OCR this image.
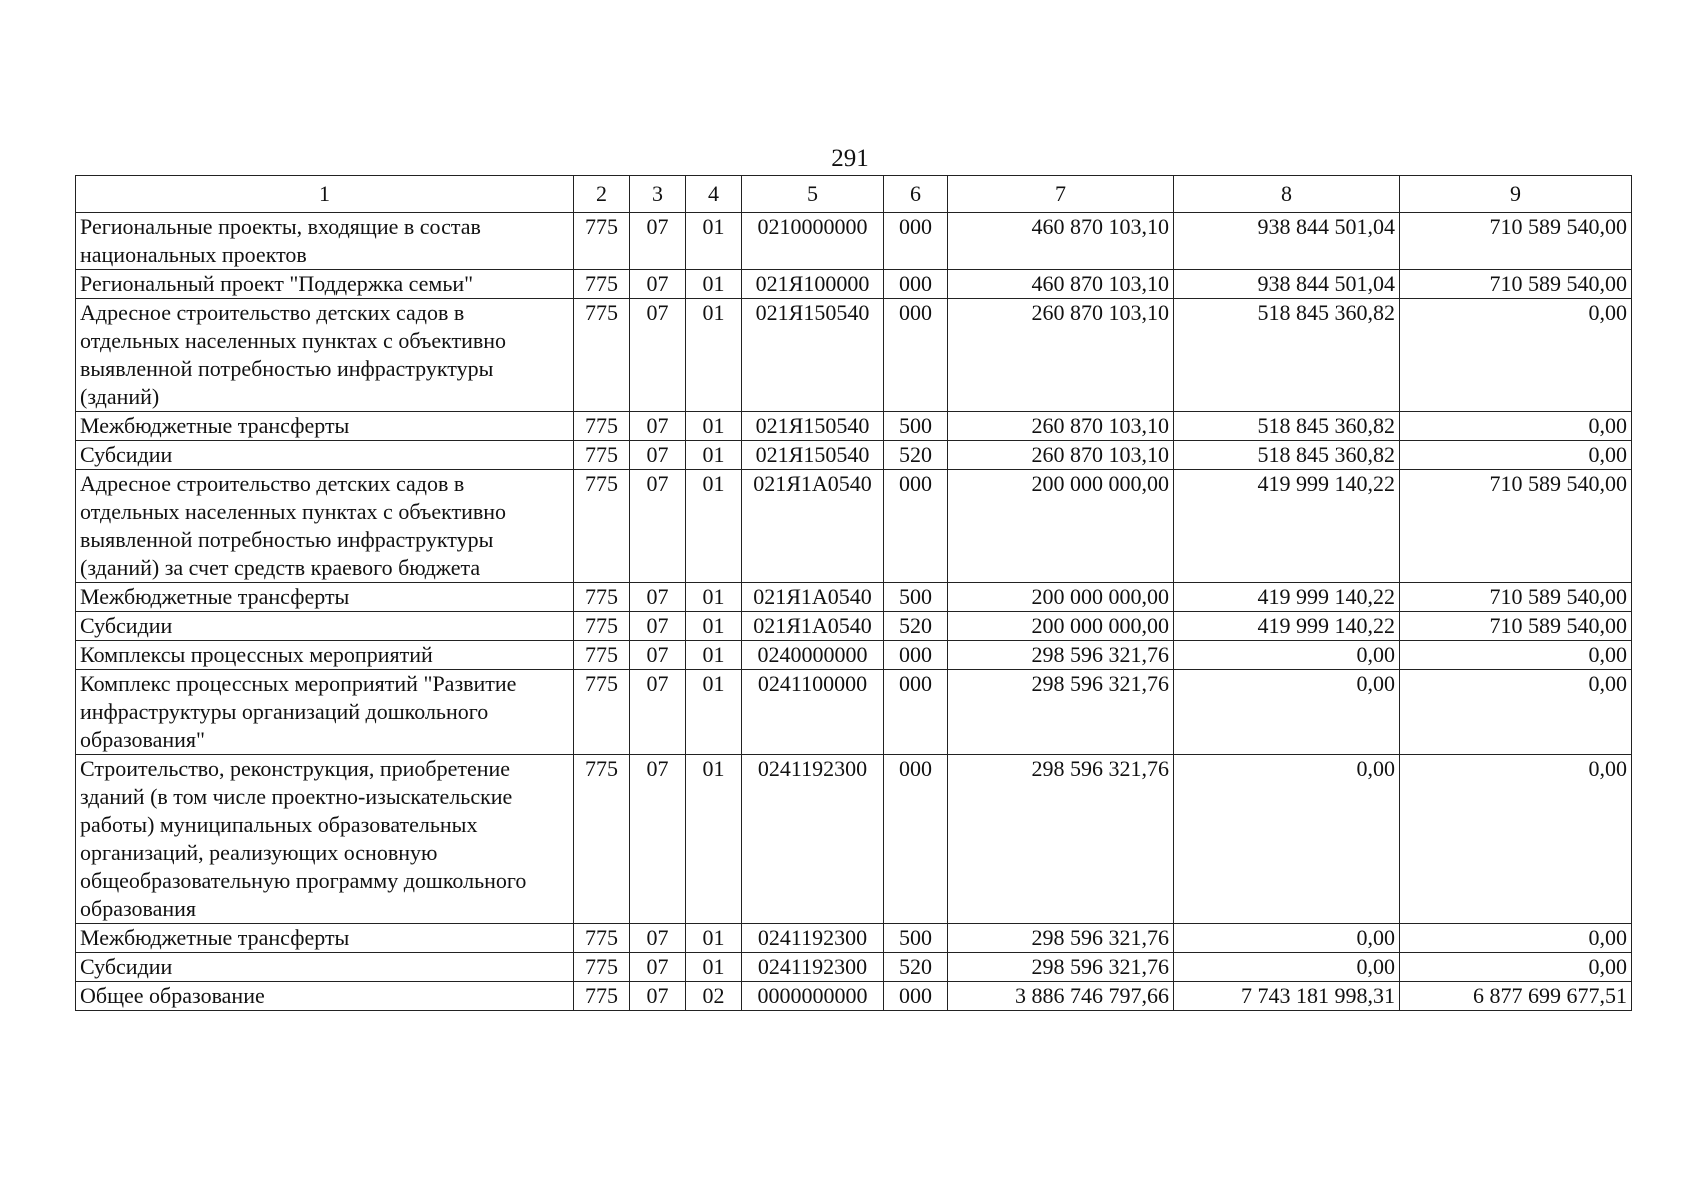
291
1	2	3	4	5	6	7	8	9
Региональные проекты, входящие в состав национальных проектов	775	07	01	0210000000	000	460 870 103,10	938 844 501,04	710 589 540,00
Региональный проект "Поддержка семьи"	775	07	01	021Я100000	000	460 870 103,10	938 844 501,04	710 589 540,00
Адресное строительство детских садов в отдельных населенных пунктах с объективно выявленной потребностью инфраструктуры (зданий)	775	07	01	021Я150540	000	260 870 103,10	518 845 360,82	0,00
Межбюджетные трансферты	775	07	01	021Я150540	500	260 870 103,10	518 845 360,82	0,00
Субсидии	775	07	01	021Я150540	520	260 870 103,10	518 845 360,82	0,00
Адресное строительство детских садов в отдельных населенных пунктах с объективно выявленной потребностью инфраструктуры (зданий) за счет средств краевого бюджета	775	07	01	021Я1А0540	000	200 000 000,00	419 999 140,22	710 589 540,00
Межбюджетные трансферты	775	07	01	021Я1А0540	500	200 000 000,00	419 999 140,22	710 589 540,00
Субсидии	775	07	01	021Я1А0540	520	200 000 000,00	419 999 140,22	710 589 540,00
Комплексы процессных мероприятий	775	07	01	0240000000	000	298 596 321,76	0,00	0,00
Комплекс процессных мероприятий "Развитие инфраструктуры организаций дошкольного образования"	775	07	01	0241100000	000	298 596 321,76	0,00	0,00
Строительство, реконструкция, приобретение зданий (в том числе проектно-изыскательские работы) муниципальных образовательных организаций, реализующих основную общеобразовательную программу дошкольного образования	775	07	01	0241192300	000	298 596 321,76	0,00	0,00
Межбюджетные трансферты	775	07	01	0241192300	500	298 596 321,76	0,00	0,00
Субсидии	775	07	01	0241192300	520	298 596 321,76	0,00	0,00
Общее образование	775	07	02	0000000000	000	3 886 746 797,66	7 743 181 998,31	6 877 699 677,51
